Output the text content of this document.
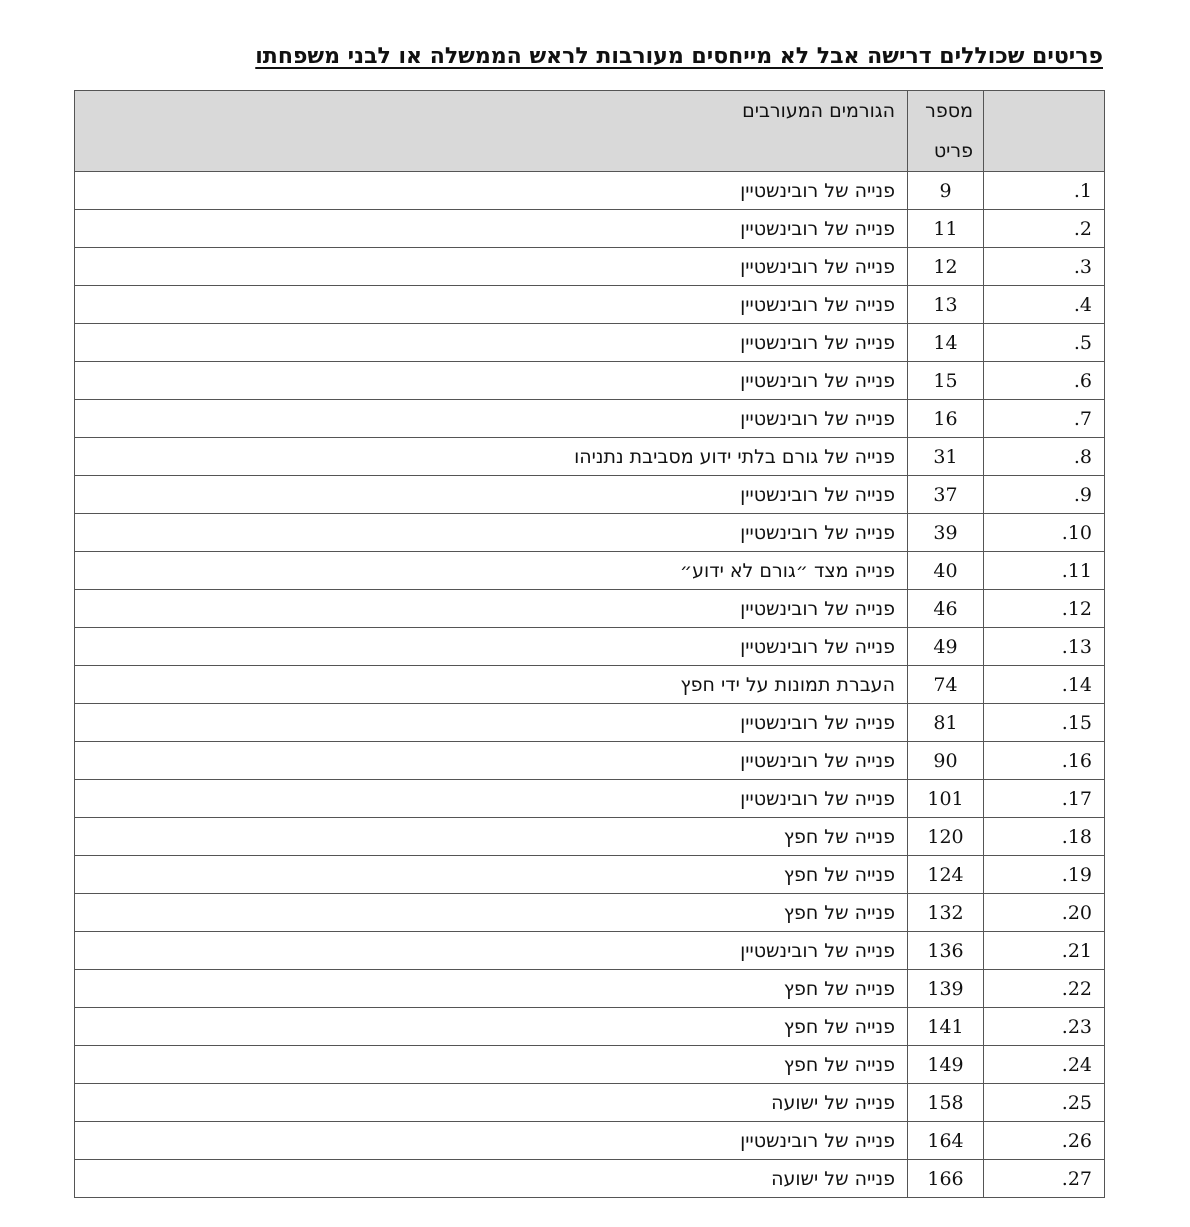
פריטים שכוללים דרישה אבל לא מייחסים מעורבות לראש הממשלה או לבני משפחתו
	מספר פריט	הגורמים המעורבים
1.	9	פנייה של רובינשטיין
2.	11	פנייה של רובינשטיין
3.	12	פנייה של רובינשטיין
4.	13	פנייה של רובינשטיין
5.	14	פנייה של רובינשטיין
6.	15	פנייה של רובינשטיין
7.	16	פנייה של רובינשטיין
8.	31	פנייה של גורם בלתי ידוע מסביבת נתניהו
9.	37	פנייה של רובינשטיין
10.	39	פנייה של רובינשטיין
11.	40	פנייה מצד ״גורם לא ידוע״
12.	46	פנייה של רובינשטיין
13.	49	פנייה של רובינשטיין
14.	74	העברת תמונות על ידי חפץ
15.	81	פנייה של רובינשטיין
16.	90	פנייה של רובינשטיין
17.	101	פנייה של רובינשטיין
18.	120	פנייה של חפץ
19.	124	פנייה של חפץ
20.	132	פנייה של חפץ
21.	136	פנייה של רובינשטיין
22.	139	פנייה של חפץ
23.	141	פנייה של חפץ
24.	149	פנייה של חפץ
25.	158	פנייה של ישועה
26.	164	פנייה של רובינשטיין
27.	166	פנייה של ישועה
